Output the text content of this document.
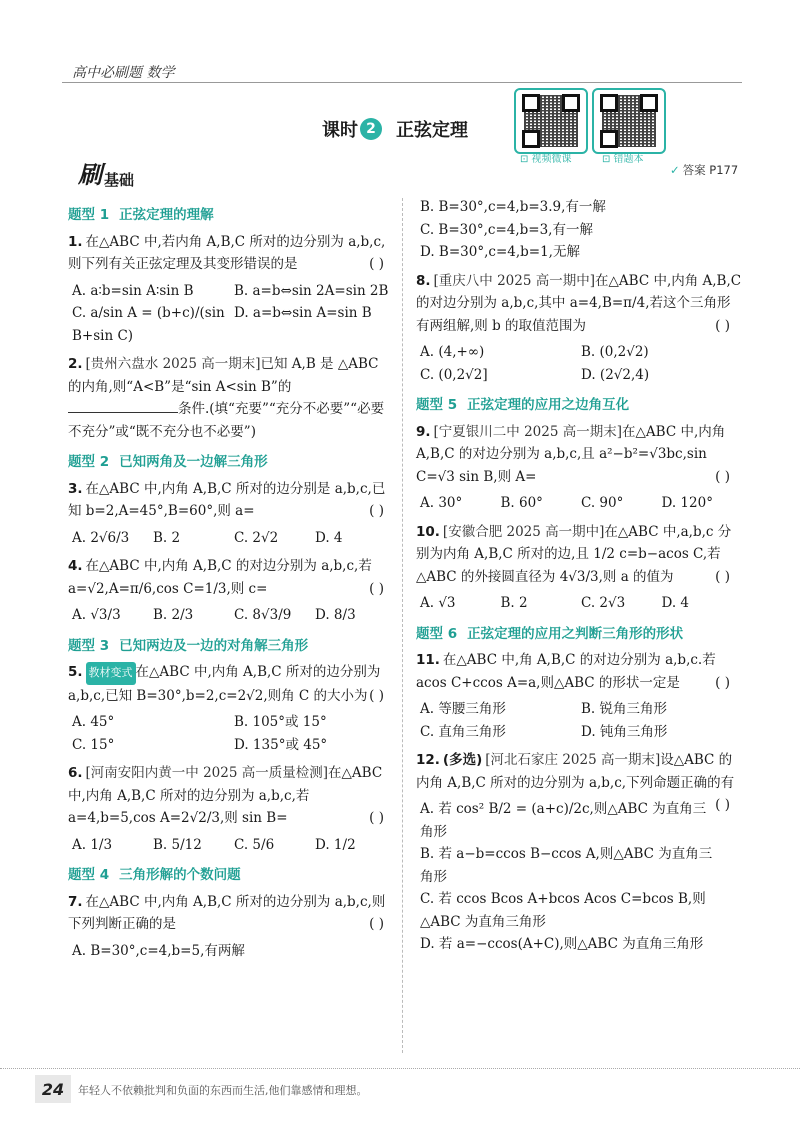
高中必刷题 数学
课时 2	正弦定理
⊡ 视频微课	⊡ 错题本
刷 基础
✓ 答案 P177
题型 1 正弦定理的理解
1. 在△ABC 中,若内角 A,B,C 所对的边分别为 a,b,c,则下列有关正弦定理及其变形错误的是	( )
A. a∶b=sin A∶sin B	B. a=b⇔sin 2A=sin 2B
C. a/sin A = (b+c)/(sin B+sin C)
D. a=b⇔sin A=sin B
2. [贵州六盘水 2025 高一期末]已知 A,B 是 △ABC 的内角,则“A<B”是“sin A<sin B”的 条件.(填“充要”“充分不必要”“必要不充分”或“既不充分也不必要”)
题型 2 已知两角及一边解三角形
3. 在△ABC 中,内角 A,B,C 所对的边分别是 a,b,c,已知 b=2,A=45°,B=60°,则 a=	( )
A. 2√6/3	B. 2	C. 2√2	D. 4
4. 在△ABC 中,内角 A,B,C 的对边分别为 a,b,c,若 a=√2,A=π/6,cos C=1/3,则 c=	( )
A. √3/3	B. 2/3	C. 8√3/9	D. 8/3
题型 3 已知两边及一边的对角解三角形
5. 教材变式 在△ABC 中,内角 A,B,C 所对的边分别为 a,b,c,已知 B=30°,b=2,c=2√2,则角 C 的大小为 ( )
A. 45°	B. 105°或 15°
C. 15°	D. 135°或 45°
6. [河南安阳内黄一中 2025 高一质量检测]在△ABC 中,内角 A,B,C 所对的边分别为 a,b,c,若 a=4,b=5,cos A=2√2/3,则 sin B=	( )
A. 1/3	B. 5/12	C. 5/6	D. 1/2
题型 4 三角形解的个数问题
7. 在△ABC 中,内角 A,B,C 所对的边分别为 a,b,c,则下列判断正确的是	( )
A. B=30°,c=4,b=5,有两解
B. B=30°,c=4,b=3.9,有一解
C. B=30°,c=4,b=3,有一解
D. B=30°,c=4,b=1,无解
8. [重庆八中 2025 高一期中]在△ABC 中,内角 A,B,C 的对边分别为 a,b,c,其中 a=4,B=π/4,若这个三角形有两组解,则 b 的取值范围为	( )
A. (4,+∞)	B. (0,2√2)
C. (0,2√2]	D. (2√2,4)
题型 5 正弦定理的应用之边角互化
9. [宁夏银川二中 2025 高一期末]在△ABC 中,内角 A,B,C 的对边分别为 a,b,c,且 a²−b²=√3bc,sin C=√3 sin B,则 A=	( )
A. 30°	B. 60°	C. 90°	D. 120°
10. [安徽合肥 2025 高一期中]在△ABC 中,a,b,c 分别为内角 A,B,C 所对的边,且 1/2 c=b−acos C,若△ABC 的外接圆直径为 4√3/3,则 a 的值为	( )
A. √3	B. 2	C. 2√3	D. 4
题型 6 正弦定理的应用之判断三角形的形状
11. 在△ABC 中,角 A,B,C 的对边分别为 a,b,c.若 acos C+ccos A=a,则△ABC 的形状一定是	( )
A. 等腰三角形	B. 锐角三角形
C. 直角三角形	D. 钝角三角形
12. (多选) [河北石家庄 2025 高一期末]设△ABC 的内角 A,B,C 所对的边分别为 a,b,c,下列命题正确的有
( )
A. 若 cos² B/2 = (a+c)/2c,则△ABC 为直角三角形
B. 若 a−b=ccos B−ccos A,则△ABC 为直角三角形
C. 若 ccos Bcos A+bcos Acos C=bcos B,则△ABC 为直角三角形
D. 若 a=−ccos(A+C),则△ABC 为直角三角形
24	年轻人不依赖批判和负面的东西而生活,他们靠感情和理想。
